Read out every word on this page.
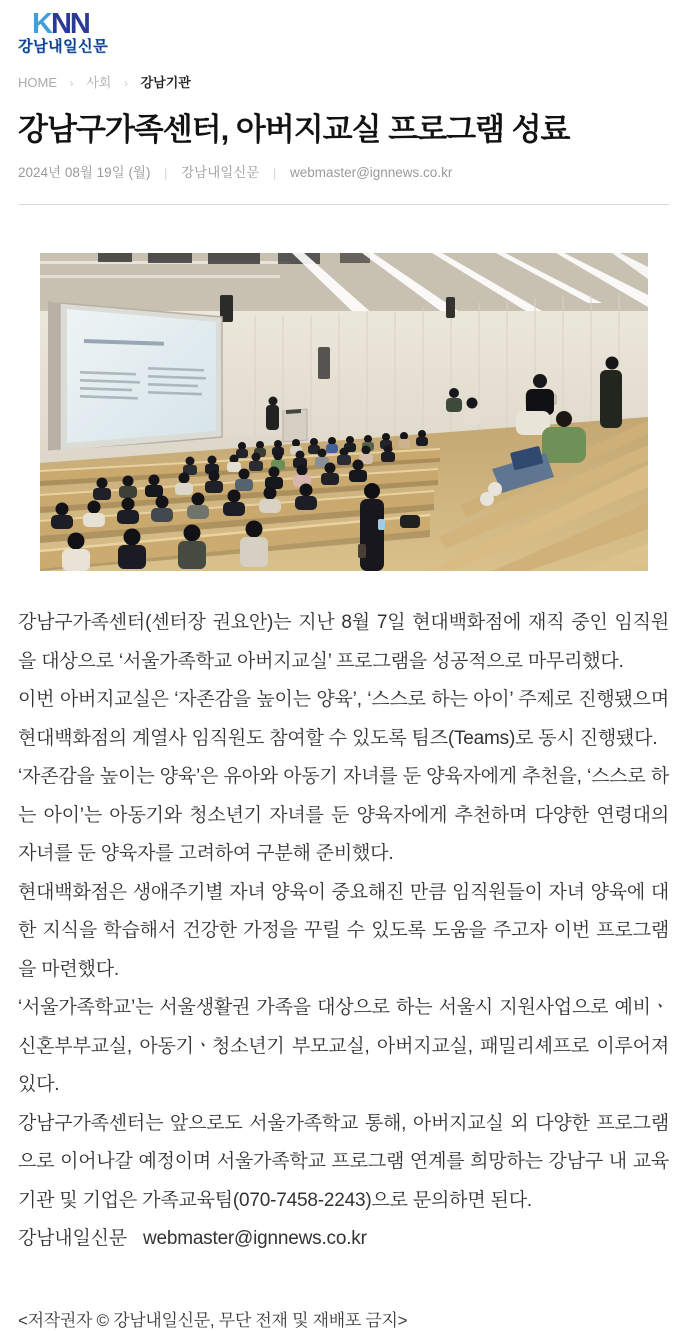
KNN
강남내일신문
HOME › 사회 › 강남기관
강남구가족센터, 아버지교실 프로그램 성료
2024년 08월 19일 (월) | 강남내일신문 | webmaster@ignnews.co.kr

강남구가족센터(센터장 권요안)는 지난 8월 7일 현대백화점에 재직 중인 임직원을 대상으로 ‘서울가족학교 아버지교실’ 프로그램을 성공적으로 마무리했다.

이번 아버지교실은 ‘자존감을 높이는 양육’, ‘스스로 하는 아이’ 주제로 진행됐으며 현대백화점의 계열사 임직원도 참여할 수 있도록 팀즈(Teams)로 동시 진행됐다.

‘자존감을 높이는 양육’은 유아와 아동기 자녀를 둔 양육자에게 추천을, ‘스스로 하는 아이’는 아동기와 청소년기 자녀를 둔 양육자에게 추천하며 다양한 연령대의 자녀를 둔 양육자를 고려하여 구분해 준비했다.

현대백화점은 생애주기별 자녀 양육이 중요해진 만큼 임직원들이 자녀 양육에 대한 지식을 학습해서 건강한 가정을 꾸릴 수 있도록 도움을 주고자 이번 프로그램을 마련했다.

‘서울가족학교’는 서울생활권 가족을 대상으로 하는 서울시 지원사업으로 예비ㆍ신혼부부교실, 아동기ㆍ청소년기 부모교실, 아버지교실, 패밀리셰프로 이루어져 있다.

강남구가족센터는 앞으로도 서울가족학교 통해, 아버지교실 외 다양한 프로그램으로 이어나갈 예정이며 서울가족학교 프로그램 연계를 희망하는 강남구 내 교육기관 및 기업은 가족교육팀(070-7458-2243)으로 문의하면 된다.

강남내일신문 webmaster@ignnews.co.kr
<저작권자 © 강남내일신문, 무단 전재 및 재배포 금지>
